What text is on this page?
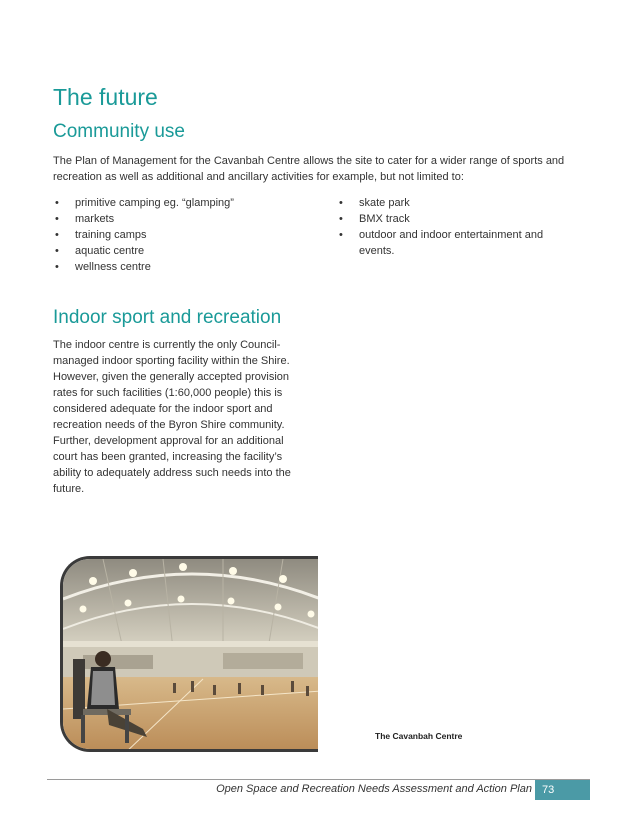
The future
Community use

The Plan of Management for the Cavanbah Centre allows the site to cater for a wider range of sports and recreation as well as additional and ancillary activities for example, but not limited to:

• primitive camping eg. “glamping”
• markets
• training camps
• aquatic centre
• wellness centre
• skate park
• BMX track
• outdoor and indoor entertainment and events.
Indoor sport and recreation

The indoor centre is currently the only Council-managed indoor sporting facility within the Shire. However, given the generally accepted provision rates for such facilities (1:60,000 people) this is considered adequate for the indoor sport and recreation needs of the Byron Shire community. Further, development approval for an additional court has been granted, increasing the facility’s ability to adequately address such needs into the future.

The Cavanbah Centre
Open Space and Recreation Needs Assessment and Action Plan 73
